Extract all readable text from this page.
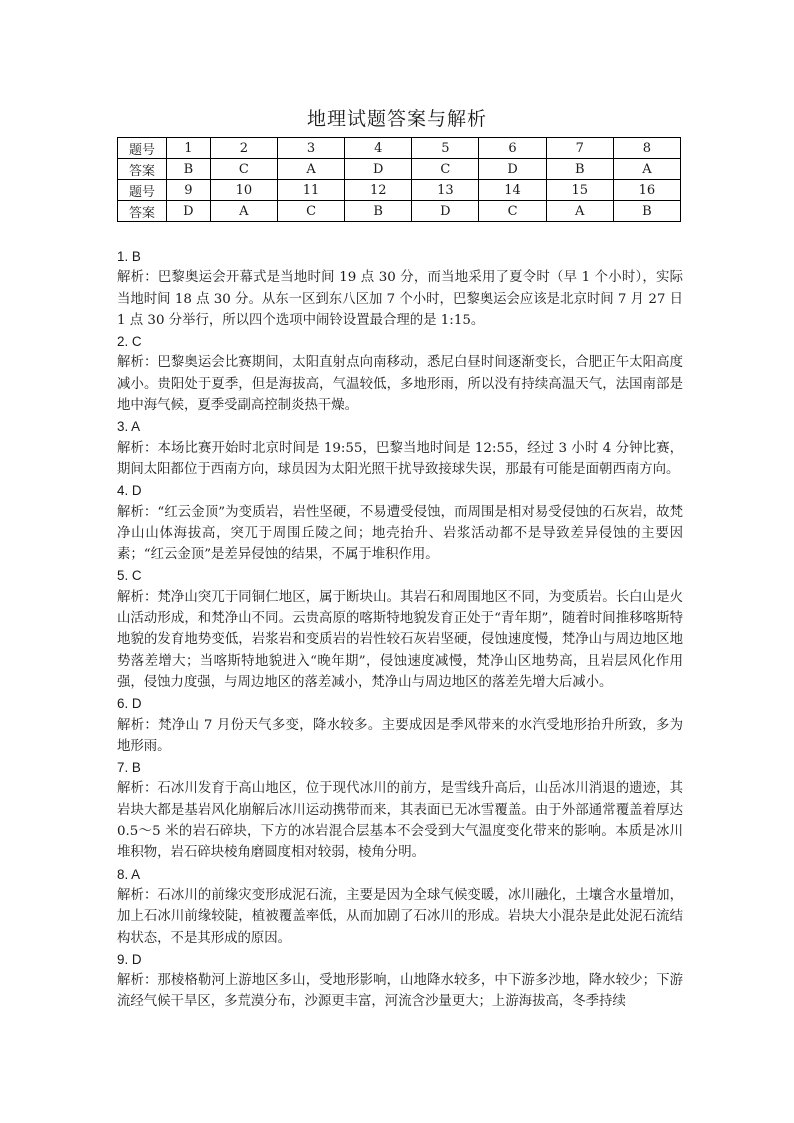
地理试题答案与解析
题号	1	2	3	4	5	6	7	8
答案	B	C	A	D	C	D	B	A
题号	9	10	11	12	13	14	15	16
答案	D	A	C	B	D	C	A	B
1. B
解析：巴黎奥运会开幕式是当地时间 19 点 30 分，而当地采用了夏令时（早 1 个小时），实际当地时间 18 点 30 分。从东一区到东八区加 7 个小时，巴黎奥运会应该是北京时间 7 月 27 日 1 点 30 分举行，所以四个选项中闹铃设置最合理的是 1:15。
2. C
解析：巴黎奥运会比赛期间，太阳直射点向南移动，悉尼白昼时间逐渐变长，合肥正午太阳高度减小。贵阳处于夏季，但是海拔高，气温较低，多地形雨，所以没有持续高温天气，法国南部是地中海气候，夏季受副高控制炎热干燥。
3. A
解析：本场比赛开始时北京时间是 19:55，巴黎当地时间是 12:55，经过 3 小时 4 分钟比赛，期间太阳都位于西南方向，球员因为太阳光照干扰导致接球失误，那最有可能是面朝西南方向。
4. D
解析：“红云金顶”为变质岩，岩性坚硬，不易遭受侵蚀，而周围是相对易受侵蚀的石灰岩，故梵净山山体海拔高，突兀于周围丘陵之间；地壳抬升、岩浆活动都不是导致差异侵蚀的主要因素；“红云金顶”是差异侵蚀的结果，不属于堆积作用。
5. C
解析：梵净山突兀于同铜仁地区，属于断块山。其岩石和周围地区不同，为变质岩。长白山是火山活动形成，和梵净山不同。云贵高原的喀斯特地貌发育正处于“青年期”，随着时间推移喀斯特地貌的发育地势变低，岩浆岩和变质岩的岩性较石灰岩坚硬，侵蚀速度慢，梵净山与周边地区地势落差增大；当喀斯特地貌进入“晚年期”，侵蚀速度减慢，梵净山区地势高，且岩层风化作用强，侵蚀力度强，与周边地区的落差减小，梵净山与周边地区的落差先增大后减小。
6. D
解析：梵净山 7 月份天气多变，降水较多。主要成因是季风带来的水汽受地形抬升所致，多为地形雨。
7. B
解析：石冰川发育于高山地区，位于现代冰川的前方，是雪线升高后，山岳冰川消退的遗迹，其岩块大都是基岩风化崩解后冰川运动携带而来，其表面已无冰雪覆盖。由于外部通常覆盖着厚达 0.5～5 米的岩石碎块，下方的冰岩混合层基本不会受到大气温度变化带来的影响。本质是冰川堆积物，岩石碎块棱角磨圆度相对较弱，棱角分明。
8. A
解析：石冰川的前缘灾变形成泥石流，主要是因为全球气候变暖，冰川融化，土壤含水量增加，加上石冰川前缘较陡，植被覆盖率低，从而加剧了石冰川的形成。岩块大小混杂是此处泥石流结构状态，不是其形成的原因。
9. D
解析：那棱格勒河上游地区多山，受地形影响，山地降水较多，中下游多沙地，降水较少；下游流经气候干旱区，多荒漠分布，沙源更丰富，河流含沙量更大；上游海拔高，冬季持续
